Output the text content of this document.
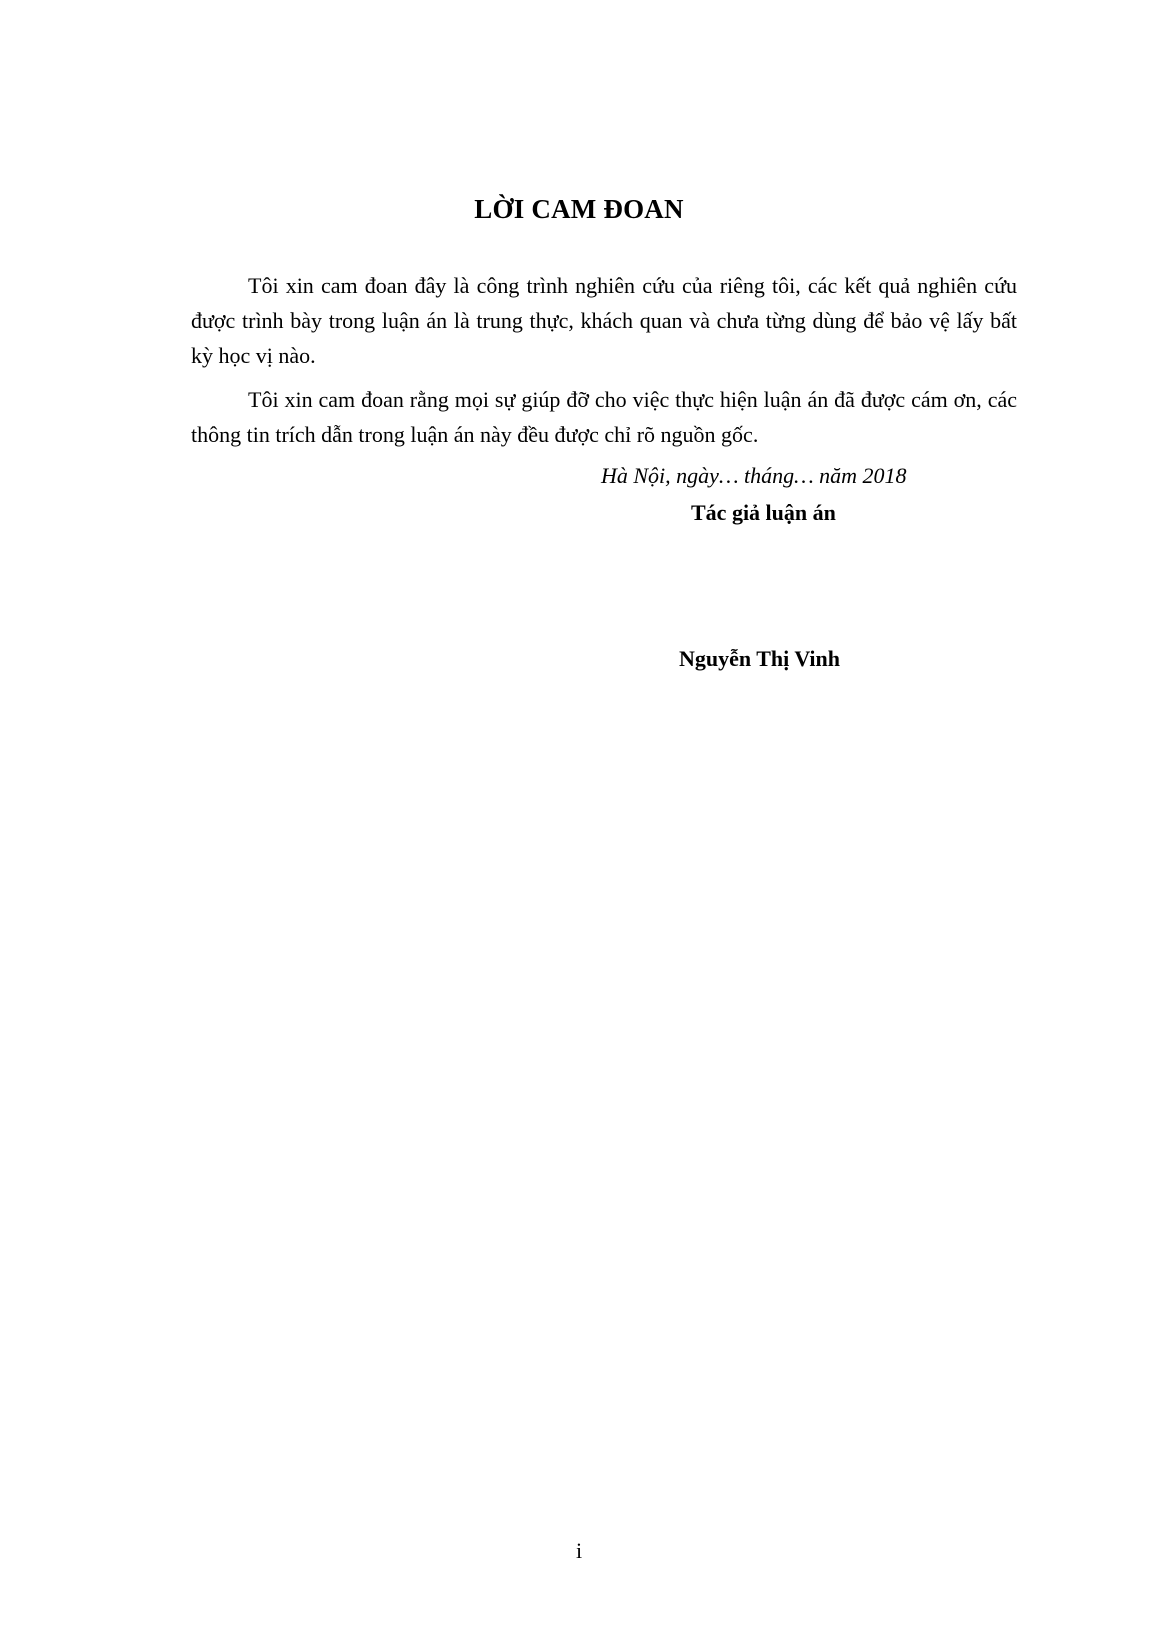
LỜI CAM ĐOAN

Tôi xin cam đoan đây là công trình nghiên cứu của riêng tôi, các kết quả nghiên cứu được trình bày trong luận án là trung thực, khách quan và chưa từng dùng để bảo vệ lấy bất kỳ học vị nào.

Tôi xin cam đoan rằng mọi sự giúp đỡ cho việc thực hiện luận án đã được cám ơn, các thông tin trích dẫn trong luận án này đều được chỉ rõ nguồn gốc.

Hà Nội, ngày… tháng… năm 2018
Tác giả luận án
Nguyễn Thị Vinh
i
